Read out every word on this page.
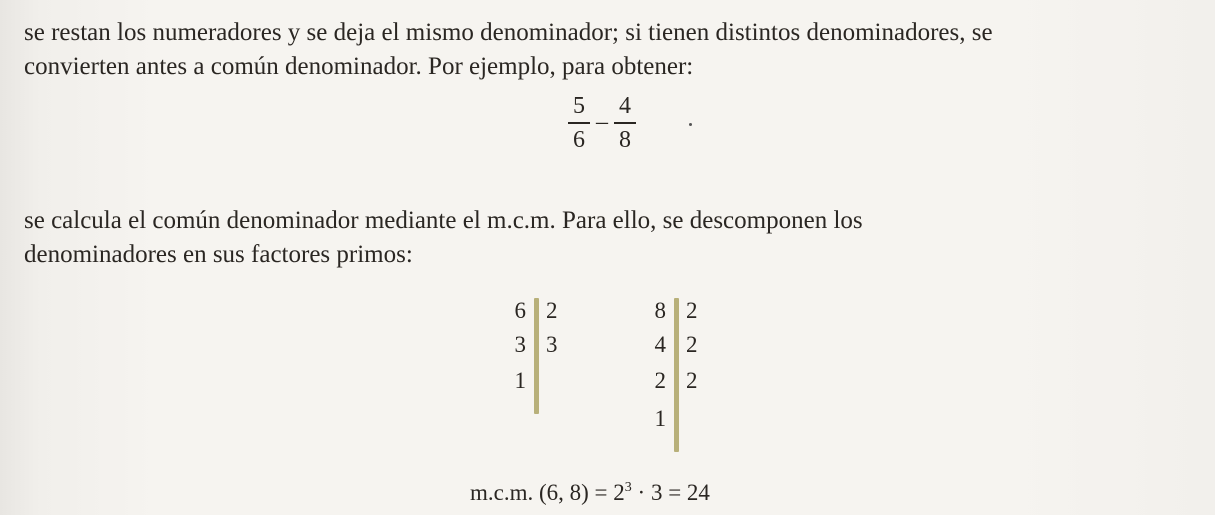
se restan los numeradores y se deja el mismo denominador; si tienen distintos denominadores, se
convierten antes a común denominador. Por ejemplo, para obtener:

$\frac{5}{6} - \frac{4}{8}$

se calcula el común denominador mediante el m.c.m. Para ello, se descomponen los
denominadores en sus factores primos:

6 2
3 3
1
8 2
4 2
2 2
1
m.c.m. (6, $8) = 2^3 \cdot 3 = 24$
